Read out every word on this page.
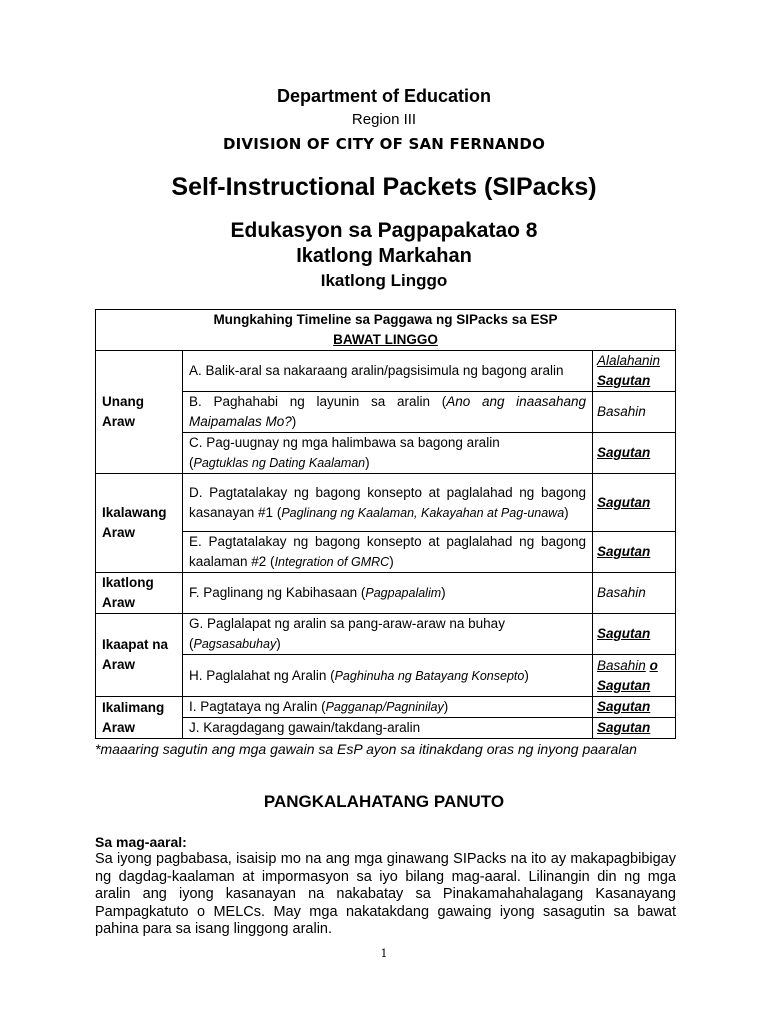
Department of Education
Region III
DIVISION OF CITY OF SAN FERNANDO
Self-Instructional Packets (SIPacks)
Edukasyon sa Pagpapakatao 8
Ikatlong Markahan
Ikatlong Linggo
Mungkahing Timeline sa Paggawa ng SIPacks sa ESP
BAWAT LINGGO		

Unang Araw	A. Balik-aral sa nakaraang aralin/pagsisimula ng bagong aralin	Alalahanin
Sagutan
	B. Paghahabi ng layunin sa aralin (Ano ang inaasahang Maipamalas Mo?)	Basahin
	C. Pag-uugnay ng mga halimbawa sa bagong aralin
(Pagtuklas ng Dating Kaalaman)	Sagutan
Ikalawang Araw	D. Pagtatalakay ng bagong konsepto at paglalahad ng bagong kasanayan #1 (Paglinang ng Kaalaman, Kakayahan at Pag-unawa)	Sagutan
	E. Pagtatalakay ng bagong konsepto at paglalahad ng bagong kaalaman #2 (Integration of GMRC)	Sagutan
Ikatlong Araw	F. Paglinang ng Kabihasaan (Pagpapalalim)	Basahin
Ikaapat na Araw	G. Paglalapat ng aralin sa pang-araw-araw na buhay
(Pagsasabuhay)	Sagutan
	H. Paglalahat ng Aralin (Paghinuha ng Batayang Konsepto)	Basahin o
Sagutan
Ikalimang Araw	I. Pagtataya ng Aralin (Pagganap/Pagninilay)	Sagutan
	J. Karagdagang gawain/takdang-aralin	Sagutan
*maaaring sagutin ang mga gawain sa EsP ayon sa itinakdang oras ng inyong paaralan
PANGKALAHATANG PANUTO
Sa mag-aaral:
Sa iyong pagbabasa, isaisip mo na ang mga ginawang SIPacks na ito ay makapagbibigay ng dagdag-kaalaman at impormasyon sa iyo bilang mag-aaral. Lilinangin din ng mga aralin ang iyong kasanayan na nakabatay sa Pinakamahahalagang Kasanayang Pampagkatuto o MELCs. May mga nakatakdang gawaing iyong sasagutin sa bawat pahina para sa isang linggong aralin.
1
